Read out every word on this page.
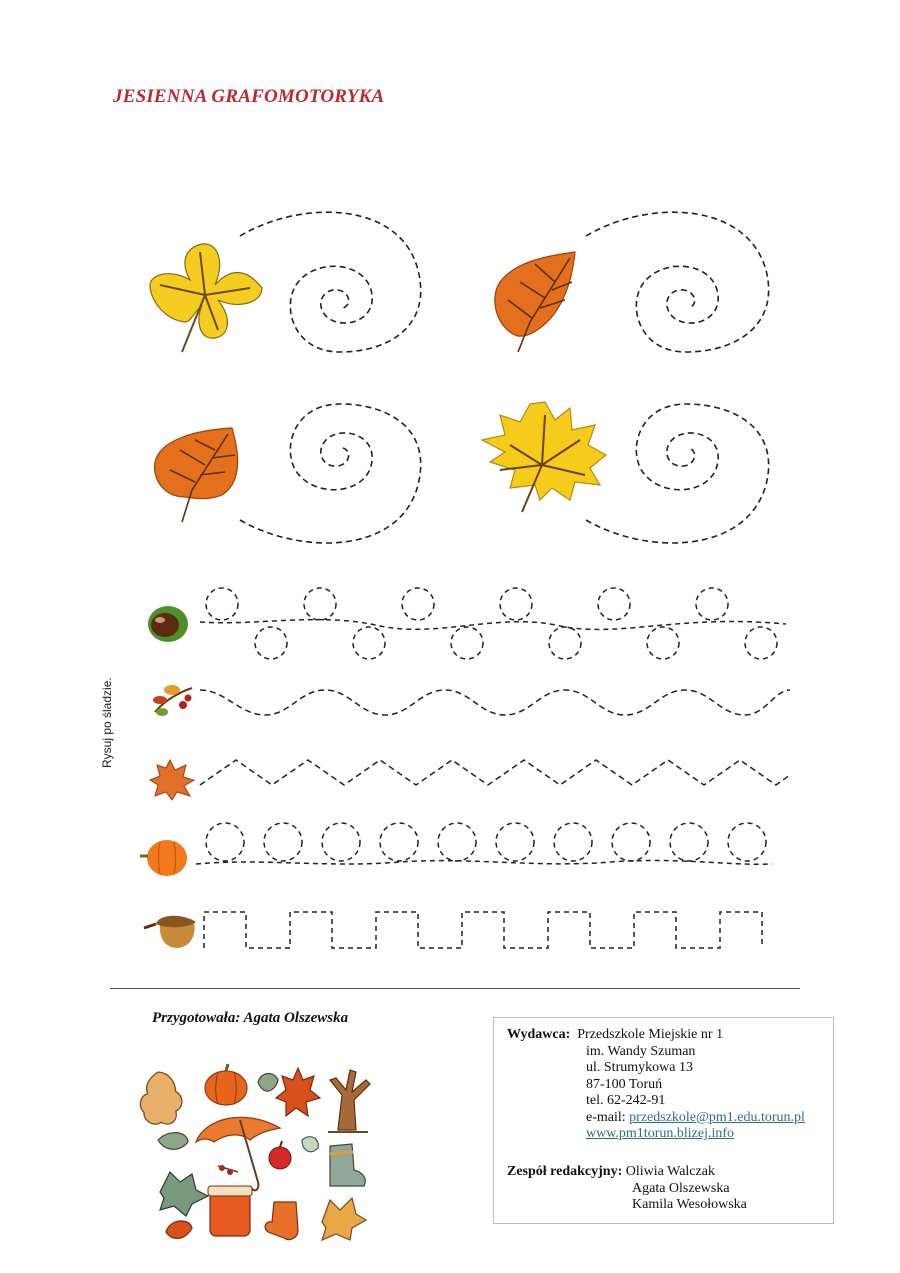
JESIENNA GRAFOMOTORYKA
Rysuj po śladzie.
Przygotowała: Agata Olszewska
Wydawca: Przedszkole Miejskie nr 1
im. Wandy Szuman
ul. Strumykowa 13
87-100 Toruń
tel. 62-242-91
e-mail: przedszkole@pm1.edu.torun.pl
www.pm1torun.blizej.info
Zespół redakcyjny: Oliwia Walczak
Agata Olszewska
Kamila Wesołowska
